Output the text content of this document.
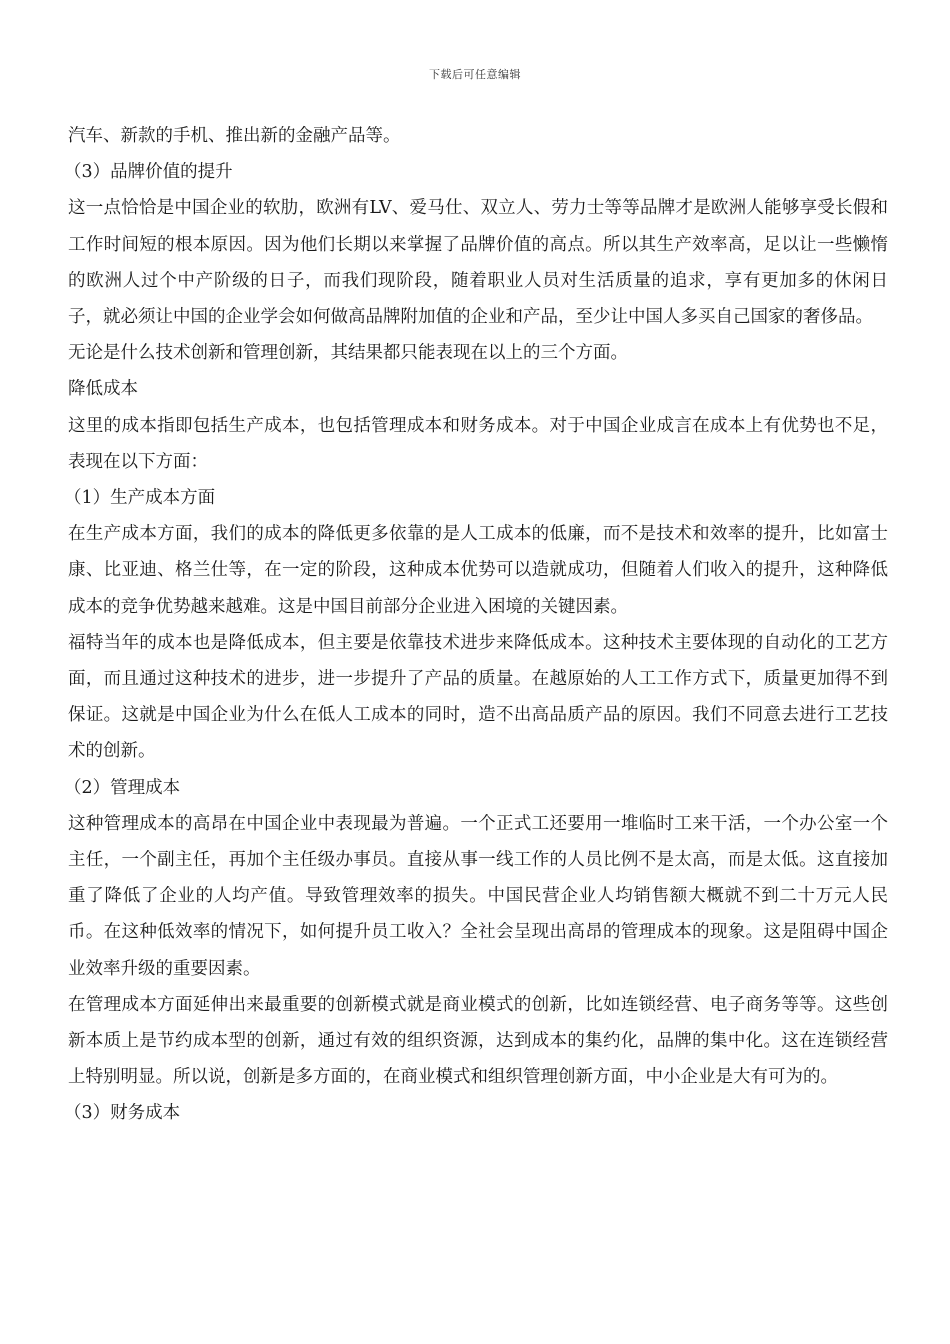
下载后可任意编辑

汽车、新款的手机、推出新的金融产品等。

（3）品牌价值的提升

这一点恰恰是中国企业的软肋，欧洲有LV、爱马仕、双立人、劳力士等等品牌才是欧洲人能够享受长假和工作时间短的根本原因。因为他们长期以来掌握了品牌价值的高点。所以其生产效率高，足以让一些懒惰的欧洲人过个中产阶级的日子，而我们现阶段，随着职业人员对生活质量的追求，享有更加多的休闲日子，就必须让中国的企业学会如何做高品牌附加值的企业和产品，至少让中国人多买自己国家的奢侈品。

无论是什么技术创新和管理创新，其结果都只能表现在以上的三个方面。

降低成本

这里的成本指即包括生产成本，也包括管理成本和财务成本。对于中国企业成言在成本上有优势也不足，表现在以下方面：

（1）生产成本方面

在生产成本方面，我们的成本的降低更多依靠的是人工成本的低廉，而不是技术和效率的提升，比如富士康、比亚迪、格兰仕等，在一定的阶段，这种成本优势可以造就成功，但随着人们收入的提升，这种降低成本的竞争优势越来越难。这是中国目前部分企业进入困境的关键因素。

福特当年的成本也是降低成本，但主要是依靠技术进步来降低成本。这种技术主要体现的自动化的工艺方面，而且通过这种技术的进步，进一步提升了产品的质量。在越原始的人工工作方式下，质量更加得不到保证。这就是中国企业为什么在低人工成本的同时，造不出高品质产品的原因。我们不同意去进行工艺技术的创新。

（2）管理成本

这种管理成本的高昂在中国企业中表现最为普遍。一个正式工还要用一堆临时工来干活，一个办公室一个主任，一个副主任，再加个主任级办事员。直接从事一线工作的人员比例不是太高，而是太低。这直接加重了降低了企业的人均产值。导致管理效率的损失。中国民营企业人均销售额大概就不到二十万元人民币。在这种低效率的情况下，如何提升员工收入？全社会呈现出高昂的管理成本的现象。这是阻碍中国企业效率升级的重要因素。

在管理成本方面延伸出来最重要的创新模式就是商业模式的创新，比如连锁经营、电子商务等等。这些创新本质上是节约成本型的创新，通过有效的组织资源，达到成本的集约化，品牌的集中化。这在连锁经营上特别明显。所以说，创新是多方面的，在商业模式和组织管理创新方面，中小企业是大有可为的。

（3）财务成本
